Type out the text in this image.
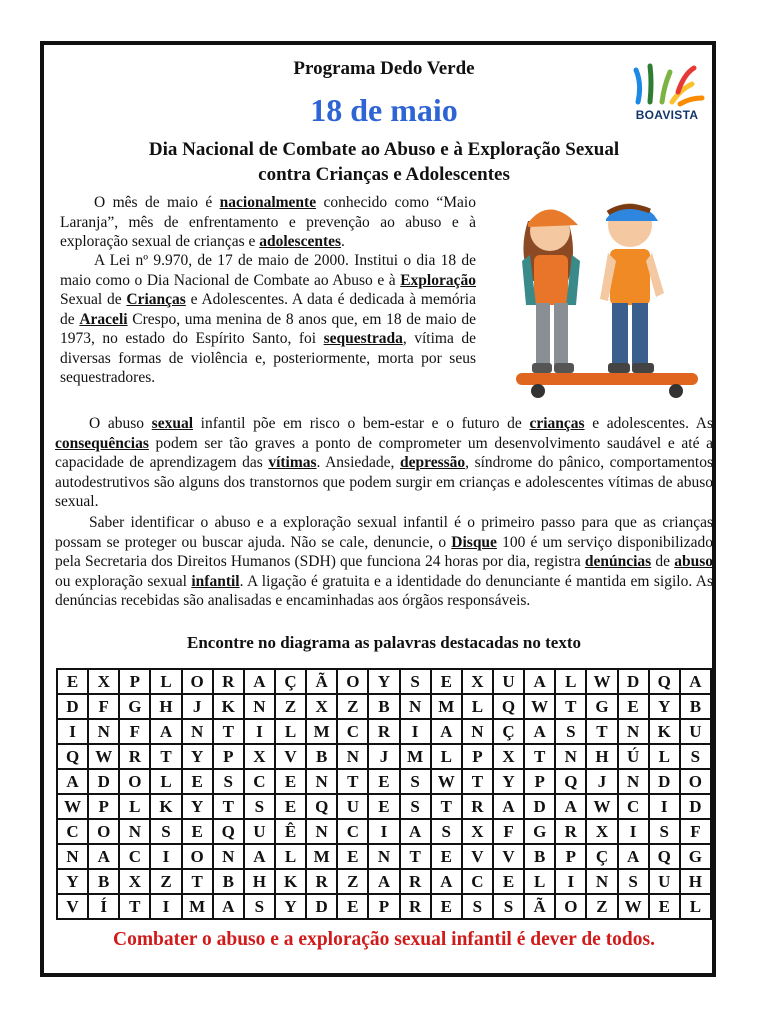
Programa Dedo Verde
18 de maio	BOAVISTA
Dia Nacional de Combate ao Abuso e à Exploração Sexual
contra Crianças e Adolescentes

O mês de maio é nacionalmente conhecido como “Maio Laranja”, mês de enfrentamento e prevenção ao abuso e à exploração sexual de crianças e adolescentes.

A Lei nº 9.970, de 17 de maio de 2000. Institui o dia 18 de maio como o Dia Nacional de Combate ao Abuso e à Exploração Sexual de Crianças e Adolescentes. A data é dedicada à memória de Araceli Crespo, uma menina de 8 anos que, em 18 de maio de 1973, no estado do Espírito Santo, foi sequestrada, vítima de diversas formas de violência e, posteriormente, morta por seus sequestradores.

O abuso sexual infantil põe em risco o bem-estar e o futuro de crianças e adolescentes. As consequências podem ser tão graves a ponto de comprometer um desenvolvimento saudável e até a capacidade de aprendizagem das vítimas. Ansiedade, depressão, síndrome do pânico, comportamentos autodestrutivos são alguns dos transtornos que podem surgir em crianças e adolescentes vítimas de abuso sexual.

Saber identificar o abuso e a exploração sexual infantil é o primeiro passo para que as crianças possam se proteger ou buscar ajuda. Não se cale, denuncie, o Disque 100 é um serviço disponibilizado pela Secretaria dos Direitos Humanos (SDH) que funciona 24 horas por dia, registra denúncias de abuso ou exploração sexual infantil. A ligação é gratuita e a identidade do denunciante é mantida em sigilo. As denúncias recebidas são analisadas e encaminhadas aos órgãos responsáveis.

Encontre no diagrama as palavras destacadas no texto
E	X	P	L	O	R	A	Ç	Ã	O	Y	S	E	X	U	A	L	W	D	Q	A
D	F	G	H	J	K	N	Z	X	Z	B	N	M	L	Q	W	T	G	E	Y	B
I	N	F	A	N	T	I	L	M	C	R	I	A	N	Ç	A	S	T	N	K	U
Q	W	R	T	Y	P	X	V	B	N	J	M	L	P	X	T	N	H	Ú	L	S
A	D	O	L	E	S	C	E	N	T	E	S	W	T	Y	P	Q	J	N	D	O
W	P	L	K	Y	T	S	E	Q	U	E	S	T	R	A	D	A	W	C	I	D
C	O	N	S	E	Q	U	Ê	N	C	I	A	S	X	F	G	R	X	I	S	F
N	A	C	I	O	N	A	L	M	E	N	T	E	V	V	B	P	Ç	A	Q	G
Y	B	X	Z	T	B	H	K	R	Z	A	R	A	C	E	L	I	N	S	U	H
V	Í	T	I	M	A	S	Y	D	E	P	R	E	S	S	Ã	O	Z	W	E	L
Combater o abuso e a exploração sexual infantil é dever de todos.
